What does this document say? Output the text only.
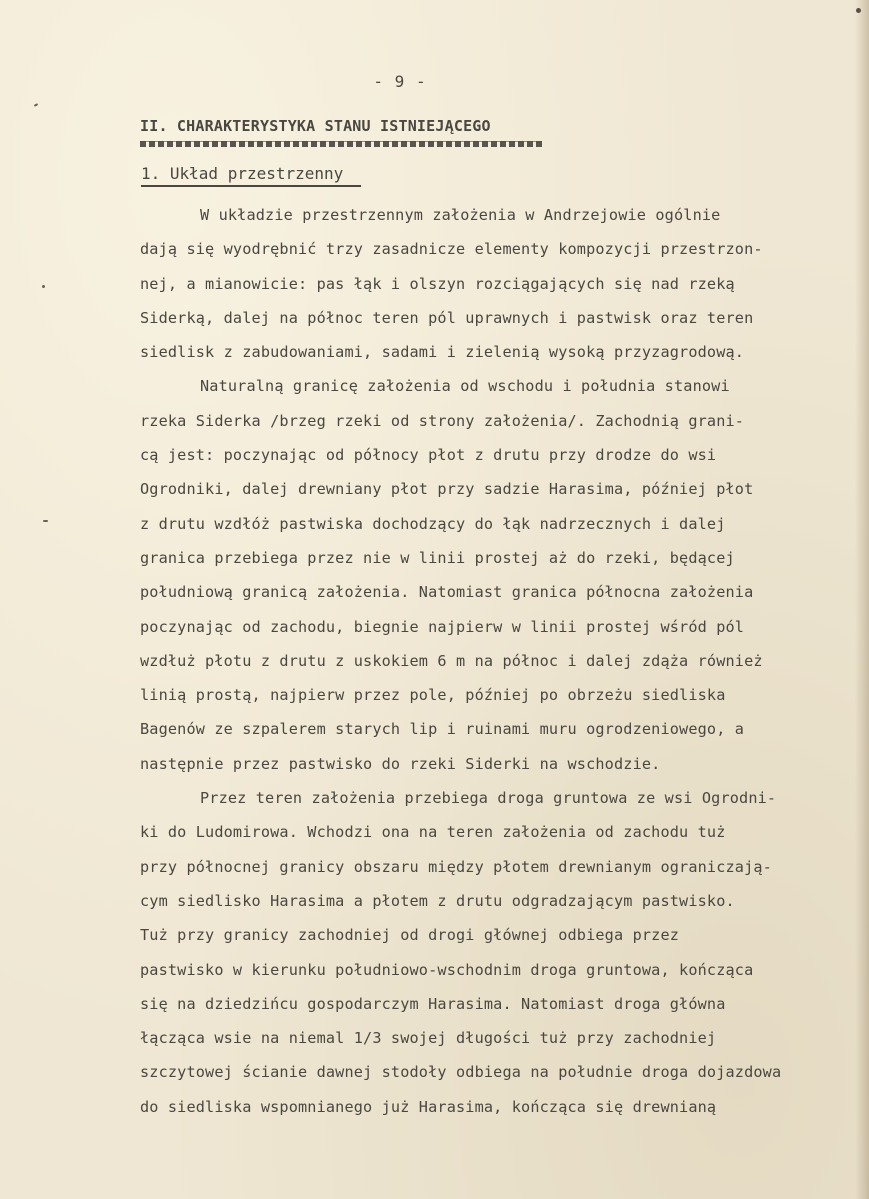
- 9 -
II. CHARAKTERYSTYKA STANU ISTNIEJĄCEGO
1. Układ przestrzenny
W układzie przestrzennym założenia w Andrzejowie ogólnie
dają się wyodrębnić trzy zasadnicze elementy kompozycji przestrzon-
nej, a mianowicie: pas łąk i olszyn rozciągających się nad rzeką
Siderką, dalej na północ teren pól uprawnych i pastwisk oraz teren
siedlisk z zabudowaniami, sadami i zielenią wysoką przyzagrodową.
Naturalną granicę założenia od wschodu i południa stanowi
rzeka Siderka /brzeg rzeki od strony założenia/. Zachodnią grani-
cą jest: poczynając od północy płot z drutu przy drodze do wsi
Ogrodniki, dalej drewniany płot przy sadzie Harasima, później płot
z drutu wzdłóż pastwiska dochodzący do łąk nadrzecznych i dalej
granica przebiega przez nie w linii prostej aż do rzeki, będącej
południową granicą założenia. Natomiast granica północna założenia
poczynając od zachodu, biegnie najpierw w linii prostej wśród pól
wzdłuż płotu z drutu z uskokiem 6 m na północ i dalej zdąża również
linią prostą, najpierw przez pole, później po obrzeżu siedliska
Bagenów ze szpalerem starych lip i ruinami muru ogrodzeniowego, a
następnie przez pastwisko do rzeki Siderki na wschodzie.
Przez teren założenia przebiega droga gruntowa ze wsi Ogrodni-
ki do Ludomirowa. Wchodzi ona na teren założenia od zachodu tuż
przy północnej granicy obszaru między płotem drewnianym ograniczają-
cym siedlisko Harasima a płotem z drutu odgradzającym pastwisko.
Tuż przy granicy zachodniej od drogi głównej odbiega przez
pastwisko w kierunku południowo-wschodnim droga gruntowa, kończąca
się na dziedzińcu gospodarczym Harasima. Natomiast droga główna
łącząca wsie na niemal 1/3 swojej długości tuż przy zachodniej
szczytowej ścianie dawnej stodoły odbiega na południe droga dojazdowa
do siedliska wspomnianego już Harasima, kończąca się drewnianą
